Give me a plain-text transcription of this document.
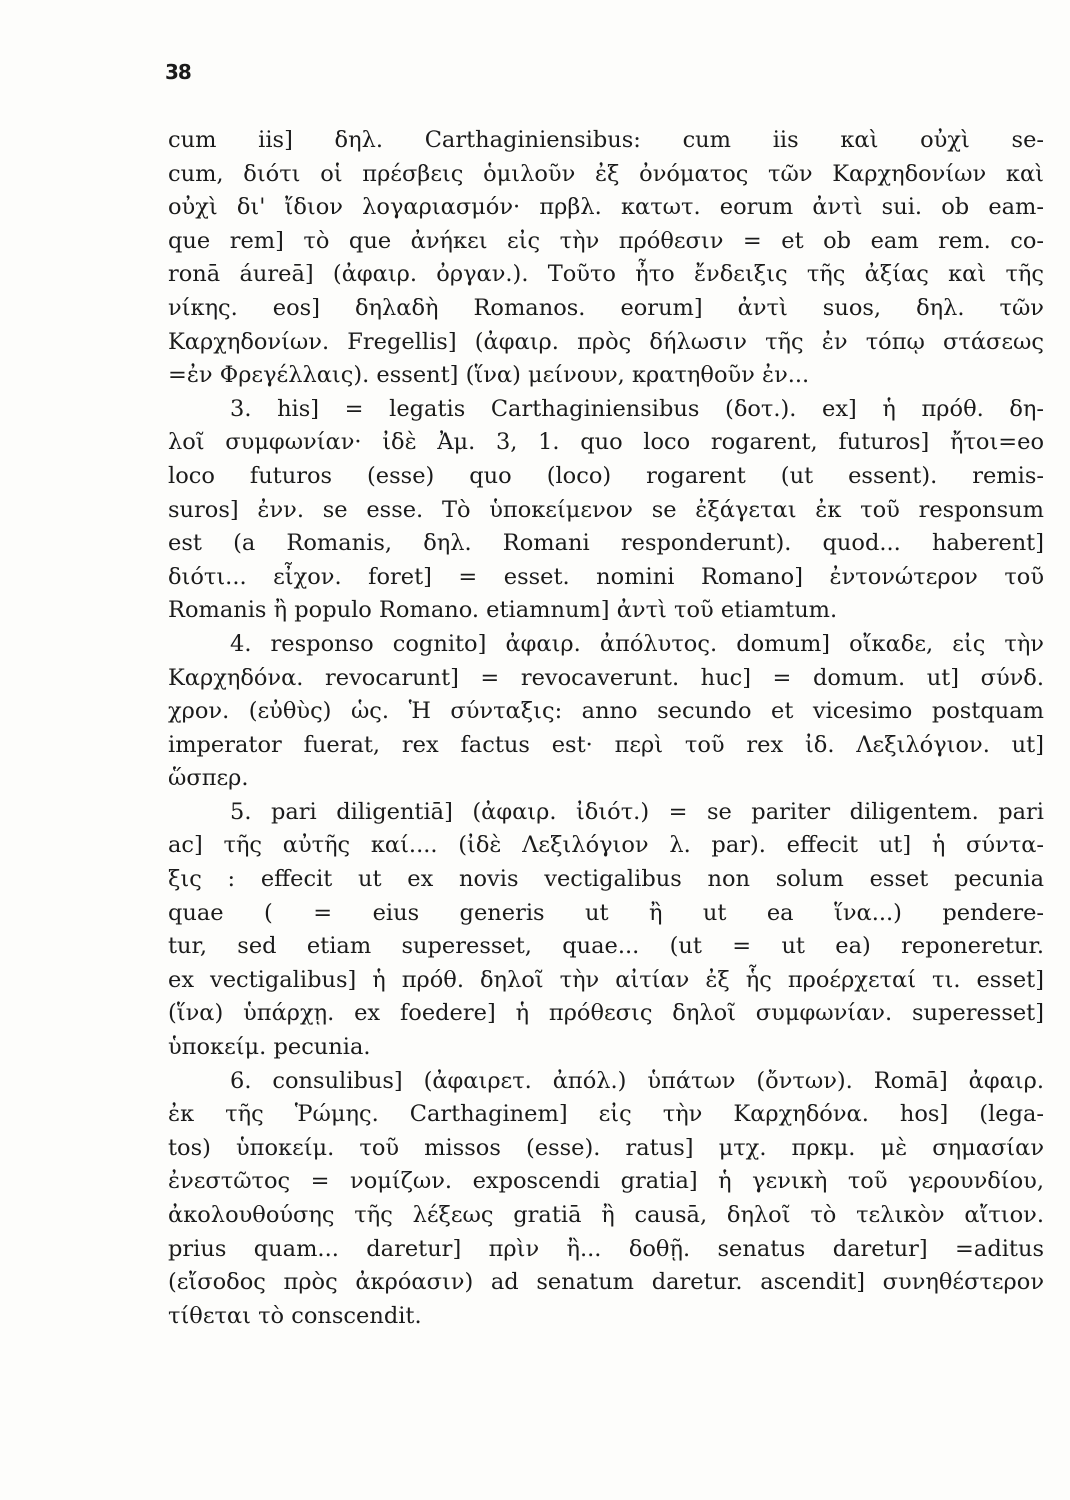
38
cum iis] δηλ. Carthaginiensibus: cum iis καὶ οὐχὶ se-
cum, διότι οἱ πρέσβεις ὁμιλοῦν ἐξ ὀνόματος τῶν Καρχηδονίων καὶ
οὐχὶ δι' ἴδιον λογαριασμόν· πρβλ. κατωτ. eorum ἀντὶ sui. ob eam-
que rem] τὸ que ἀνήκει εἰς τὴν πρόθεσιν = et ob eam rem. co-
ronā áureā] (ἀφαιρ. ὀργαν.). Τοῦτο ἦτο ἔνδειξις τῆς ἀξίας καὶ τῆς
νίκης. eos] δηλαδὴ Romanos. eorum] ἀντὶ suos, δηλ. τῶν
Καρχηδονίων. Fregellis] (ἀφαιρ. πρὸς δήλωσιν τῆς ἐν τόπῳ στάσεως
=ἐν Φρεγέλλαις). essent] (ἵνα) μείνουν, κρατηθοῦν ἐν...
3. his] = legatis Carthaginiensibus (δοτ.). ex] ἡ πρόθ. δη-
λοῖ συμφωνίαν· ἰδὲ Ἀμ. 3, 1. quo loco rogarent, futuros] ἤτοι=eo
loco futuros (esse) quo (loco) rogarent (ut essent). remis-
suros] ἐνν. se esse. Τὸ ὑποκείμενον se ἐξάγεται ἐκ τοῦ responsum
est (a Romanis, δηλ. Romani responderunt). quod... haberent]
διότι... εἶχον. foret] = esset. nomini Romano] ἐντονώτερον τοῦ
Romanis ἢ populo Romano. etiamnum] ἀντὶ τοῦ etiamtum.
4. responso cognito] ἀφαιρ. ἀπόλυτος. domum] οἴκαδε, εἰς τὴν
Καρχηδόνα. revocarunt] = revocaverunt. huc] = domum. ut] σύνδ.
χρον. (εὐθὺς) ὡς. Ἡ σύνταξις: anno secundo et vicesimo postquam
imperator fuerat, rex factus est· περὶ τοῦ rex ἰδ. Λεξιλόγιον. ut]
ὥσπερ.
5. pari diligentiā] (ἀφαιρ. ἰδιότ.) = se pariter diligentem. pari
ac] τῆς αὐτῆς καί.... (ἰδὲ Λεξιλόγιον λ. par). effecit ut] ἡ σύντα-
ξις : effecit ut ex novis vectigalibus non solum esset pecunia
quae ( = eius generis ut ἢ ut ea ἵνα...) pendere-
tur, sed etiam superesset, quae... (ut = ut ea) reponeretur.
ex vectigalibus] ἡ πρόθ. δηλοῖ τὴν αἰτίαν ἐξ ἧς προέρχεταί τι. esset]
(ἵνα) ὑπάρχῃ. ex foedere] ἡ πρόθεσις δηλοῖ συμφωνίαν. superesset]
ὑποκείμ. pecunia.
6. consulibus] (ἀφαιρετ. ἀπόλ.) ὑπάτων (ὄντων). Romā] ἀφαιρ.
ἐκ τῆς Ῥώμης. Carthaginem] εἰς τὴν Καρχηδόνα. hos] (lega-
tos) ὑποκείμ. τοῦ missos (esse). ratus] μτχ. πρκμ. μὲ σημασίαν
ἐνεστῶτος = νομίζων. exposcendi gratia] ἡ γενικὴ τοῦ γερουνδίου,
ἀκολουθούσης τῆς λέξεως gratiā ἢ causā, δηλοῖ τὸ τελικὸν αἴτιον.
prius quam... daretur] πρὶν ἢ... δοθῇ. senatus daretur] =aditus
(εἴσοδος πρὸς ἀκρόασιν) ad senatum daretur. ascendit] συνηθέστερον
τίθεται τὸ conscendit.
